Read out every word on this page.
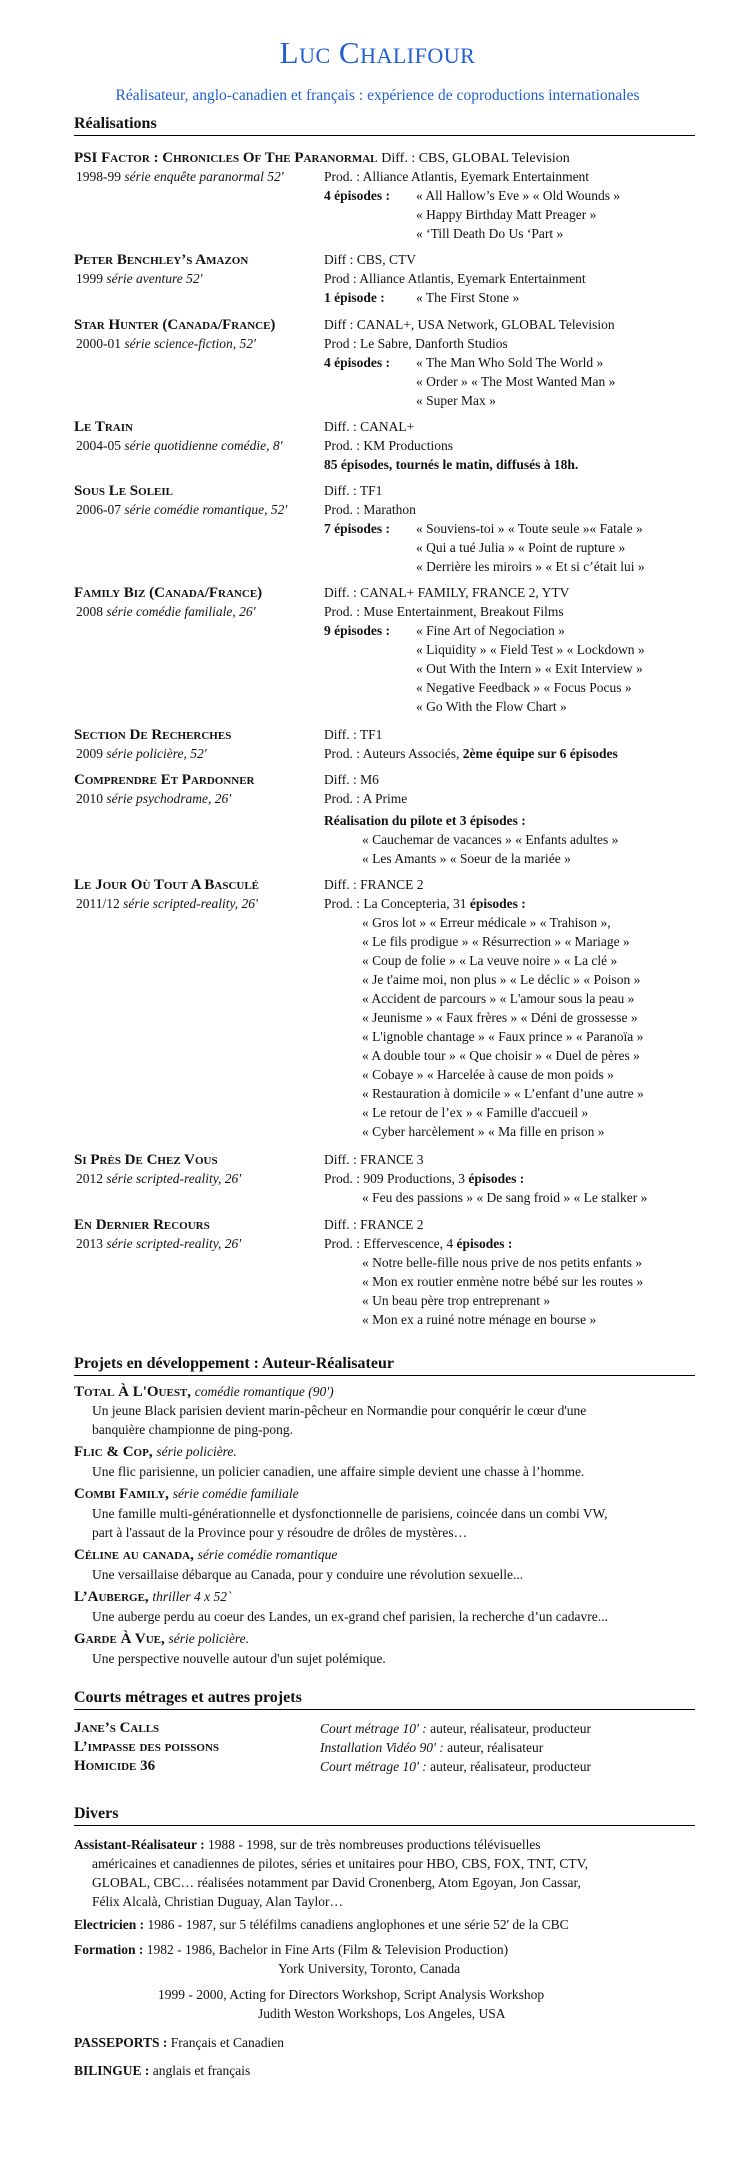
Luc Chalifour
Réalisateur, anglo-canadien et français : expérience de coproductions internationales
Réalisations
PSI Factor : Chronicles Of The Paranormal Diff. : CBS, GLOBAL Television
1998-99 série enquête paranormal 52'	Prod. : Alliance Atlantis, Eyemark Entertainment
4 épisodes : « All Hallow’s Eve » « Old Wounds »
« Happy Birthday Matt Preager »
« ‘Till Death Do Us ‘Part »
Peter Benchley’s Amazon	Diff : CBS, CTV
1999 série aventure 52'	Prod : Alliance Atlantis, Eyemark Entertainment
1 épisode : « The First Stone »
Star Hunter (Canada/France)	Diff : CANAL+, USA Network, GLOBAL Television
2000-01 série science-fiction, 52'	Prod : Le Sabre, Danforth Studios
4 épisodes : « The Man Who Sold The World »
« Order » « The Most Wanted Man »
« Super Max »
Le Train	Diff. : CANAL+
2004-05 série quotidienne comédie, 8'	Prod. : KM Productions
85 épisodes, tournés le matin, diffusés à 18h.
Sous Le Soleil	Diff. : TF1
2006-07 série comédie romantique, 52'	Prod. : Marathon
7 épisodes : « Souviens-toi » « Toute seule »« Fatale »
« Qui a tué Julia » « Point de rupture »
« Derrière les miroirs » « Et si c’était lui »
Family Biz (Canada/France)	Diff. : CANAL+ FAMILY, FRANCE 2, YTV
2008 série comédie familiale, 26'	Prod. : Muse Entertainment, Breakout Films
9 épisodes : « Fine Art of Negociation »
« Liquidity » « Field Test » « Lockdown »
« Out With the Intern » « Exit Interview »
« Negative Feedback » « Focus Pocus »
« Go With the Flow Chart »
Section De Recherches	Diff. : TF1
2009 série policière, 52'	Prod. : Auteurs Associés, 2ème équipe sur 6 épisodes
Comprendre Et Pardonner	Diff. : M6
2010 série psychodrame, 26'	Prod. : A Prime
Réalisation du pilote et 3 épisodes :
« Cauchemar de vacances » « Enfants adultes »
« Les Amants » « Soeur de la mariée »
Le Jour Où Tout A Basculé	Diff. : FRANCE 2
2011/12 série scripted-reality, 26'	Prod. : La Concepteria, 31 épisodes :
« Gros lot » « Erreur médicale » « Trahison »,
« Le fils prodigue » « Résurrection » « Mariage »
« Coup de folie » « La veuve noire » « La clé »
« Je t'aime moi, non plus » « Le déclic » « Poison »
« Accident de parcours » « L'amour sous la peau »
« Jeunisme » « Faux frères » « Déni de grossesse »
« L'ignoble chantage » « Faux prince » « Paranoïa »
« A double tour » « Que choisir » « Duel de pères »
« Cobaye » « Harcelée à cause de mon poids »
« Restauration à domicile » « L’enfant d’une autre »
« Le retour de l’ex » « Famille d'accueil »
« Cyber harcèlement » « Ma fille en prison »
Si Près De Chez Vous	Diff. : FRANCE 3
2012 série scripted-reality, 26'	Prod. : 909 Productions, 3 épisodes :
« Feu des passions » « De sang froid » « Le stalker »
En Dernier Recours	Diff. : FRANCE 2
2013 série scripted-reality, 26'	Prod. : Effervescence, 4 épisodes :
« Notre belle-fille nous prive de nos petits enfants »
« Mon ex routier enmène notre bébé sur les routes »
« Un beau père trop entreprenant »
« Mon ex a ruiné notre ménage en bourse »
Projets en développement : Auteur-Réalisateur
Total À L'Ouest, comédie romantique (90')
Un jeune Black parisien devient marin-pêcheur en Normandie pour conquérir le cœur d'une
banquière championne de ping-pong.
Flic & Cop, série policière.
Une flic parisienne, un policier canadien, une affaire simple devient une chasse à l’homme.
Combi Family, série comédie familiale
Une famille multi-générationnelle et dysfonctionnelle de parisiens, coincée dans un combi VW,
part à l'assaut de la Province pour y résoudre de drôles de mystères…
Céline au canada, série comédie romantique
Une versaillaise débarque au Canada, pour y conduire une révolution sexuelle...
L’Auberge, thriller 4 x 52`
Une auberge perdu au coeur des Landes, un ex-grand chef parisien, la recherche d’un cadavre...
Garde À Vue, série policière.
Une perspective nouvelle autour d'un sujet polémique.
Courts métrages et autres projets
Jane’s Calls	Court métrage 10' : auteur, réalisateur, producteur
L’impasse des poissons	Installation Vidéo 90' : auteur, réalisateur
Homicide 36	Court métrage 10' : auteur, réalisateur, producteur
Divers
Assistant-Réalisateur : 1988 - 1998, sur de très nombreuses productions télévisuelles
américaines et canadiennes de pilotes, séries et unitaires pour HBO, CBS, FOX, TNT, CTV,
GLOBAL, CBC… réalisées notamment par David Cronenberg, Atom Egoyan, Jon Cassar,
Félix Alcalà, Christian Duguay, Alan Taylor…
Electricien : 1986 - 1987, sur 5 téléfilms canadiens anglophones et une série 52' de la CBC
Formation : 1982 - 1986, Bachelor in Fine Arts (Film & Television Production)
York University, Toronto, Canada
1999 - 2000, Acting for Directors Workshop, Script Analysis Workshop
Judith Weston Workshops, Los Angeles, USA
PASSEPORTS : Français et Canadien
BILINGUE : anglais et français
